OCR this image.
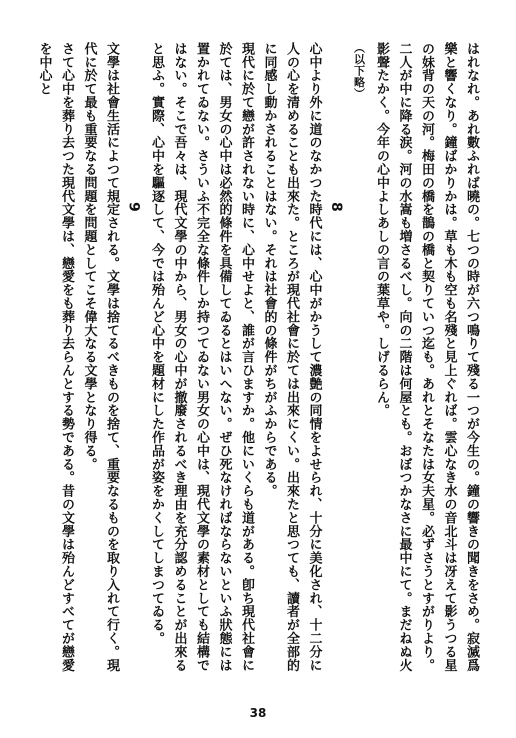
はれなれ。あれ數ふれば曉の。七つの時が六つ鳴りて殘る一つが今生の。鐘の響きの聞きをさめ。寂滅爲樂と響くなり。鐘ばかりかは。草も木も空も名殘と見上ぐれば。雲心なき水の音北斗は冴えて影うつる星の妹背の天の河。梅田の橋を鵲の橋と契りていつ迄も。あれとそなたは女夫星。必ずさうとすがりより。二人が中に降る涙。河の水嵩も増さるべし。向の二階は何屋とも。おぼつかなさに最中にて。まだねぬ火影聲たかく。今年の心中よしあしの言の葉草や。しげるらん。

（以下略）

8

心中より外に道のなかつた時代には、心中がかうして濃艶の同情をよせられ、十分に美化され、十二分に人の心を清めることも出來た。ところが現代社會に於ては出來にくい。出來たと思つても、讀者が全部的に同感し動かされることはない。それは社會的の條件がちがふからである。

現代に於て戀が許されない時に、心中せよと、誰が言ひますか。他にいくらも道がある。卽ち現代社會に於ては、男女の心中は必然的條件を具備してゐるとはいへない。ぜひ死なければならないといふ狀態には置かれてゐない。さういふ不完全な條件しか持つてゐない男女の心中は、現代文學の素材としても結構ではない。そこで吾々は、現代文學の中から、男女の心中が撤廢されるべき理由を充分認めることが出來ると思ふ。實際、心中を驅逐して、今では殆んど心中を題材にした作品が姿をかくしてしまつてゐる。

9

文學は社會生活によつて規定される。文學は捨てるべきものを捨て、重要なるものを取り入れて行く。現代に於て最も重要なる問題を問題としてこそ偉大なる文學となり得る。

さて心中を葬り去つた現代文學は、戀愛をも葬り去らんとする勢である。昔の文學は殆んどすべてが戀愛を中心と

38
